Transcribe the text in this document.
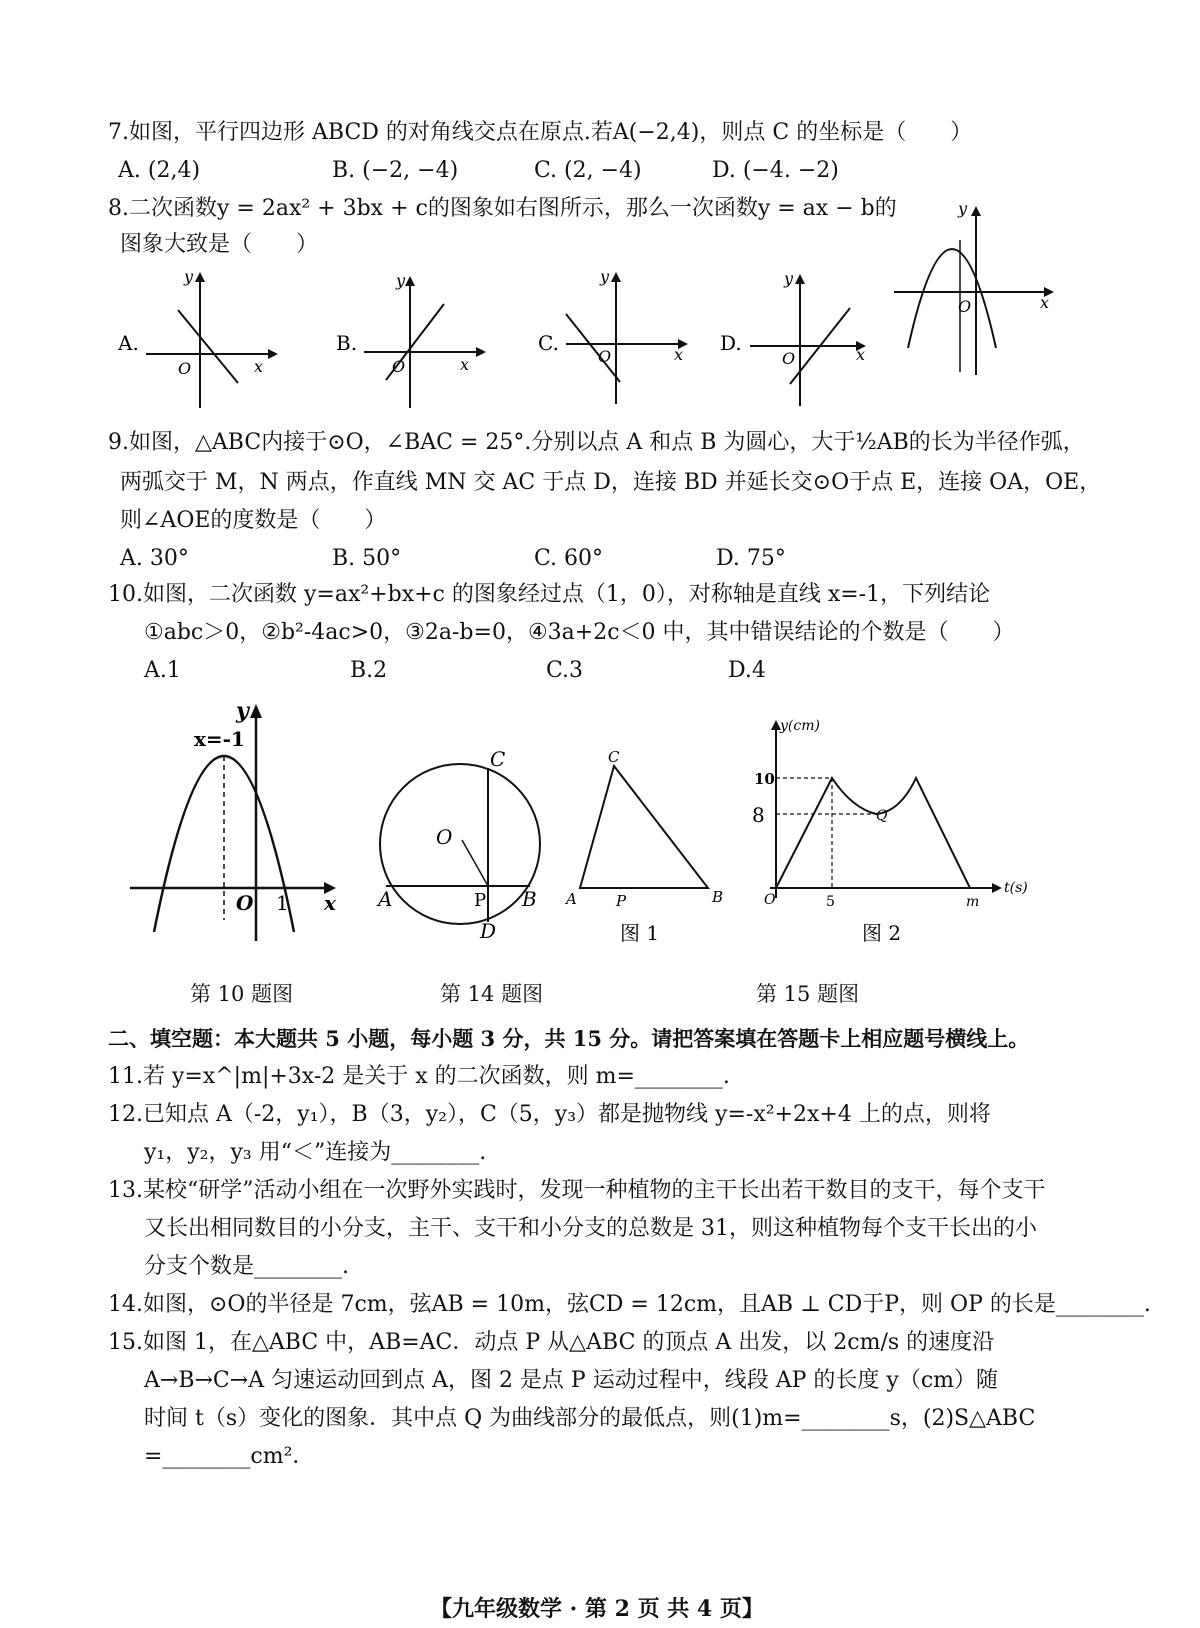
7.如图，平行四边形 ABCD 的对角线交点在原点.若A(−2,4)，则点 C 的坐标是（　　）
A. (2,4)	B. (−2, −4)	C. (2, −4)	D. (−4. −2)
8.二次函数y = 2ax² + 3bx + c的图象如右图所示，那么一次函数y = ax − b的
图象大致是（　　）
A.
y
x
O
B.
y
x
O
C.
y
x
O
D.
y
x
O
y
x
O
9.如图，△ABC内接于⊙O，∠BAC = 25°.分别以点 A 和点 B 为圆心，大于½AB的长为半径作弧，
两弧交于 M，N 两点，作直线 MN 交 AC 于点 D，连接 BD 并延长交⊙O于点 E，连接 OA，OE，
则∠AOE的度数是（　　）
A. 30°	B. 50°	C. 60°	D. 75°
10.如图，二次函数 y=ax²+bx+c 的图象经过点（1，0），对称轴是直线 x=-1，下列结论
①abc＞0，②b²-4ac>0，③2a-b=0，④3a+2c＜0 中，其中错误结论的个数是（　　）
A.1	B.2	C.3	D.4
y
x=-1
O 1 x A	B
C
D
O
P
C
A	B
P
图 1
y(cm)
t(s)
O
10
8
5	m
Q
图 2
第 10 题图	第 14 题图	第 15 题图
二、填空题：本大题共 5 小题，每小题 3 分，共 15 分。请把答案填在答题卡上相应题号横线上。
11.若 y=x^|m|+3x-2 是关于 x 的二次函数，则 m=________.
12.已知点 A（-2，y₁），B（3，y₂），C（5，y₃）都是抛物线 y=-x²+2x+4 上的点，则将
y₁，y₂，y₃ 用“＜”连接为________.
13.某校“研学”活动小组在一次野外实践时，发现一种植物的主干长出若干数目的支干，每个支干
又长出相同数目的小分支，主干、支干和小分支的总数是 31，则这种植物每个支干长出的小
分支个数是________.
14.如图，⊙O的半径是 7cm，弦AB = 10m，弦CD = 12cm，且AB ⊥ CD于P，则 OP 的长是________.
15.如图 1，在△ABC 中，AB=AC．动点 P 从△ABC 的顶点 A 出发，以 2cm/s 的速度沿
A→B→C→A 匀速运动回到点 A，图 2 是点 P 运动过程中，线段 AP 的长度 y（cm）随
时间 t（s）变化的图象．其中点 Q 为曲线部分的最低点，则(1)m=________s，(2)S△ABC
=________cm²．
【九年级数学 · 第 2 页 共 4 页】
